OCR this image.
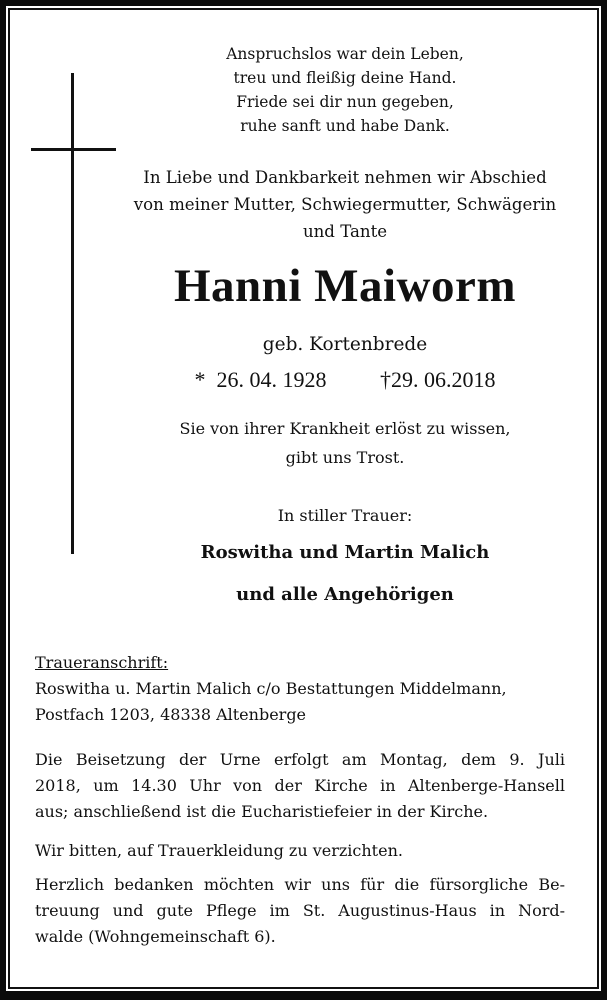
Anspruchslos war dein Leben,
treu und fleißig deine Hand.
Friede sei dir nun gegeben,
ruhe sanft und habe Dank.
In Liebe und Dankbarkeit nehmen wir Abschied
von meiner Mutter, Schwiegermutter, Schwägerin
und Tante
Hanni Maiworm
geb. Kortenbrede
* 26. 04. 1928 †29. 06.2018
Sie von ihrer Krankheit erlöst zu wissen,
gibt uns Trost.
In stiller Trauer:
Roswitha und Martin Malich
und alle Angehörigen
Traueranschrift:
Roswitha u. Martin Malich c/o Bestattungen Middelmann,
Postfach 1203, 48338 Altenberge
Die Beisetzung der Urne erfolgt am Montag, dem 9. Juli
2018, um 14.30 Uhr von der Kirche in Altenberge-Hansell
aus; anschließend ist die Eucharistiefeier in der Kirche.
Wir bitten, auf Trauerkleidung zu verzichten.
Herzlich bedanken möchten wir uns für die fürsorgliche Be-
treuung und gute Pflege im St. Augustinus-Haus in Nord-
walde (Wohngemeinschaft 6).
